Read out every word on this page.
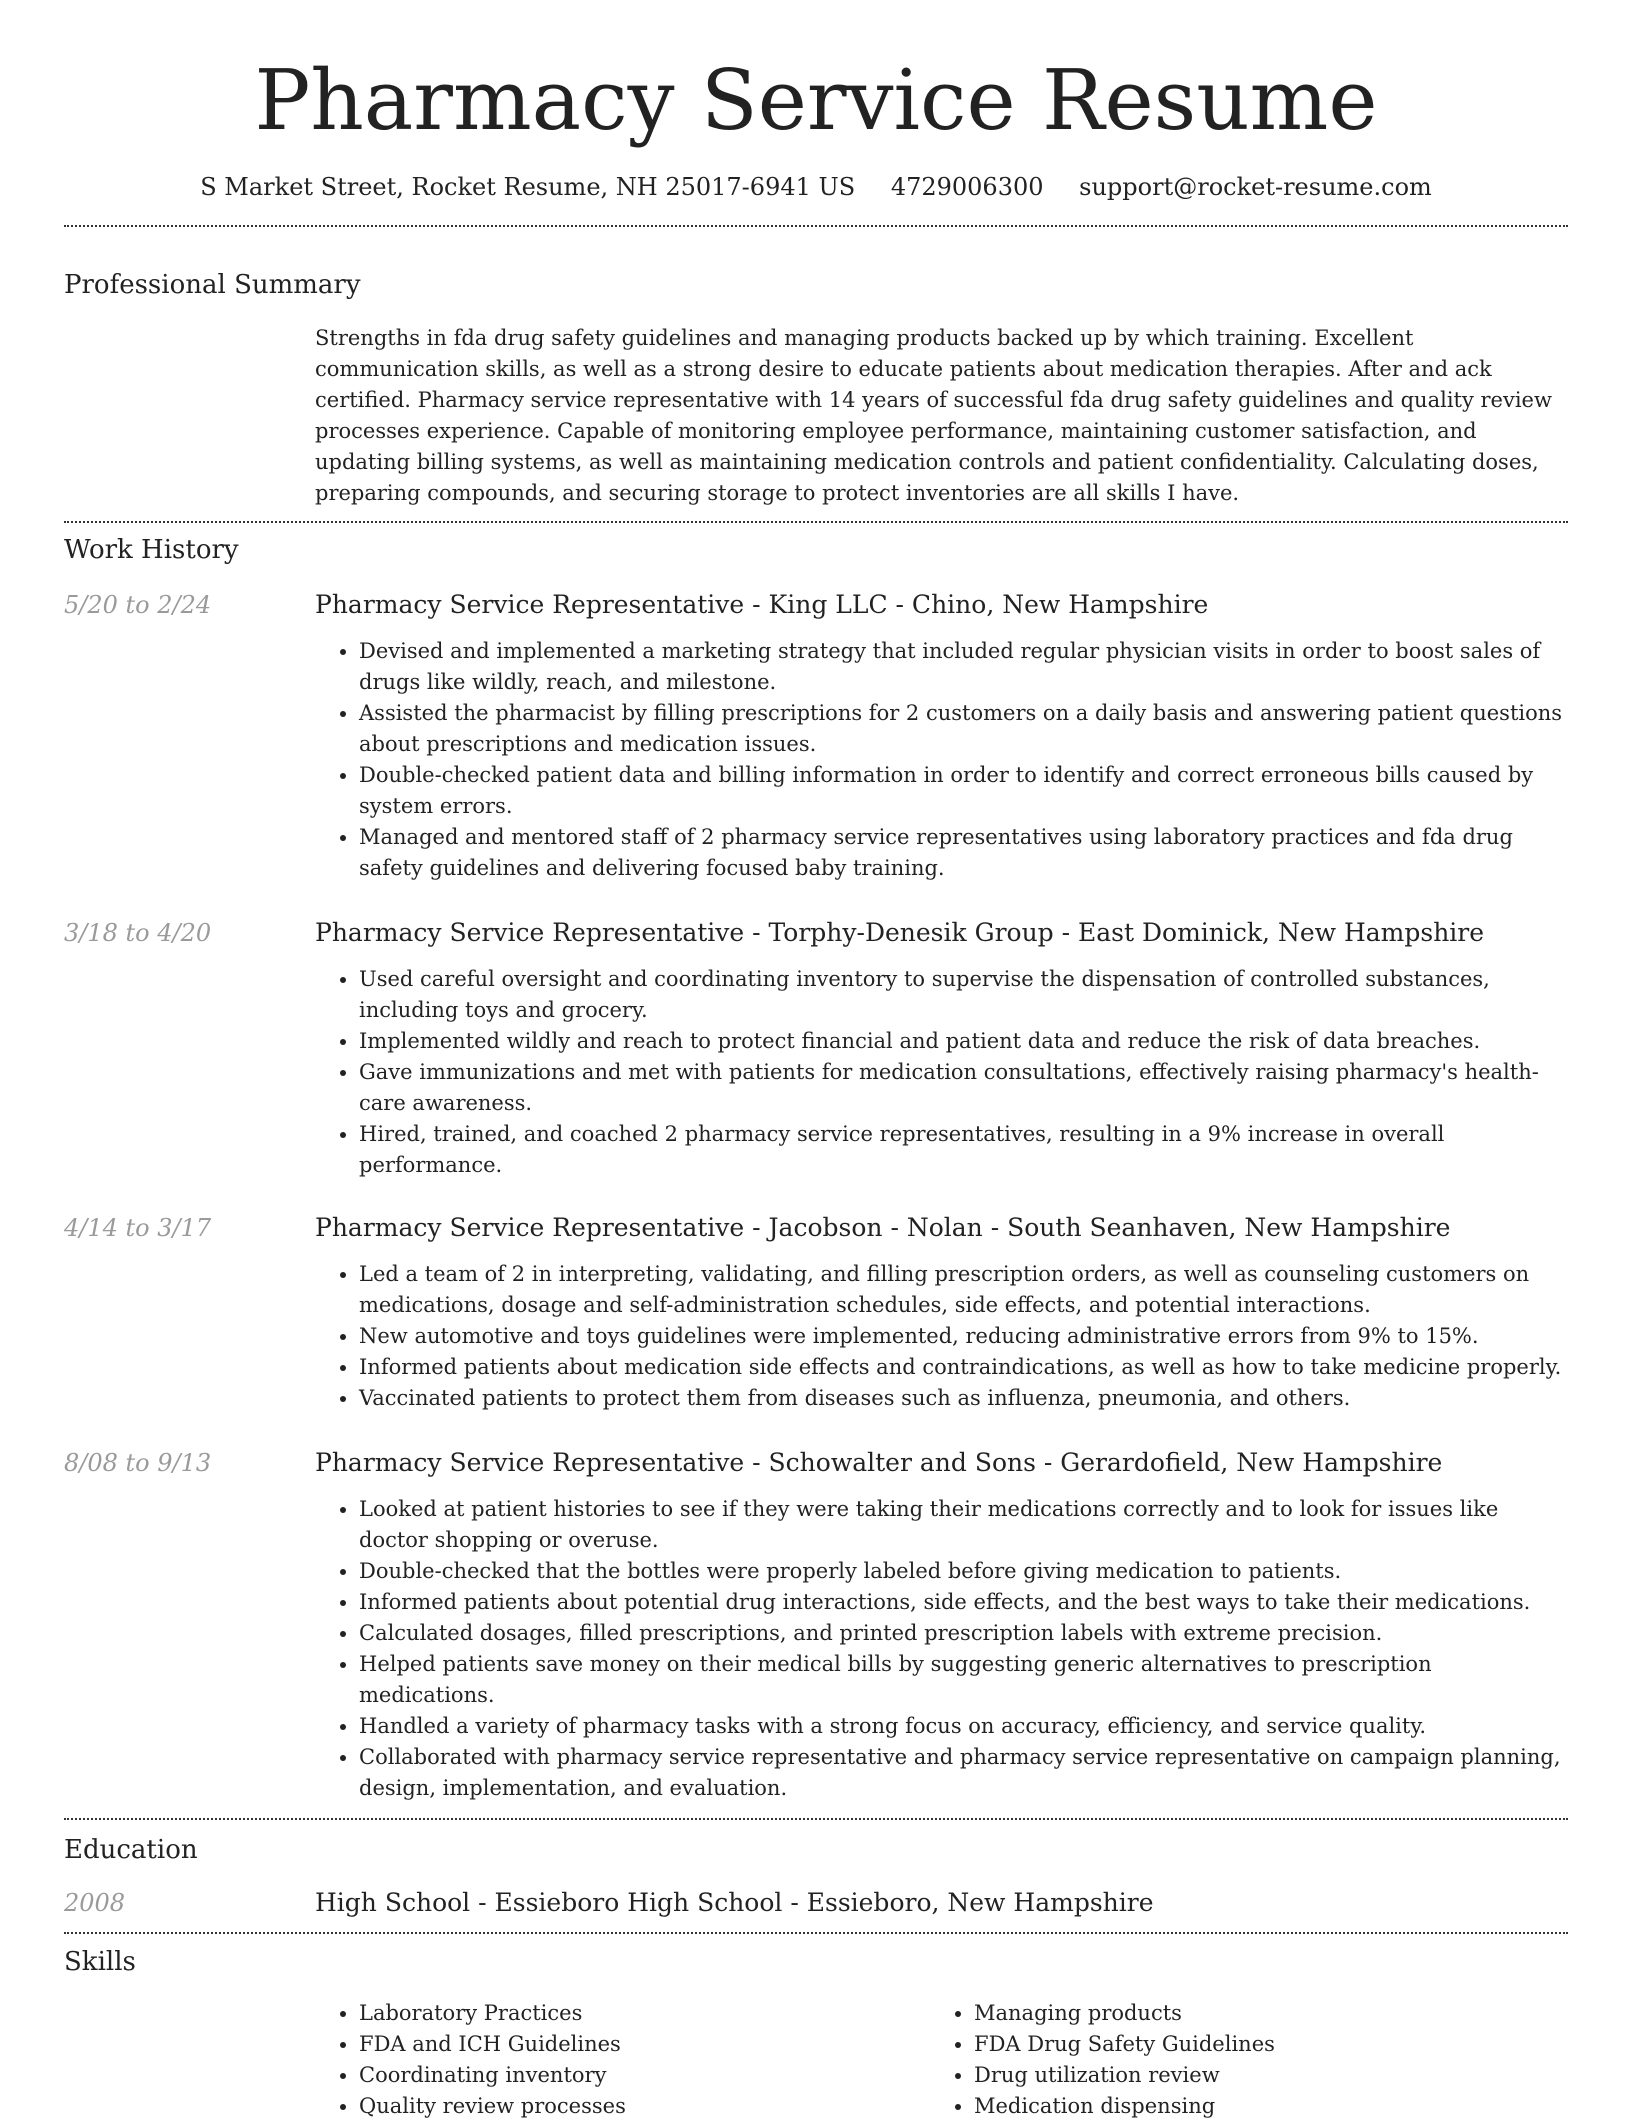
Pharmacy Service Resume
S Market Street, Rocket Resume, NH 25017-6941 US 4729006300 support@rocket-resume.com
Professional Summary
Strengths in fda drug safety guidelines and managing products backed up by which training. Excellent communication skills, as well as a strong desire to educate patients about medication therapies. After and ack certified. Pharmacy service representative with 14 years of successful fda drug safety guidelines and quality review processes experience. Capable of monitoring employee performance, maintaining customer satisfaction, and updating billing systems, as well as maintaining medication controls and patient confidentiality. Calculating doses, preparing compounds, and securing storage to protect inventories are all skills I have.
Work History
5/20 to 2/24	Pharmacy Service Representative - King LLC - Chino, New Hampshire
• Devised and implemented a marketing strategy that included regular physician visits in order to boost sales of drugs like wildly, reach, and milestone.
• Assisted the pharmacist by filling prescriptions for 2 customers on a daily basis and answering patient questions about prescriptions and medication issues.
• Double-checked patient data and billing information in order to identify and correct erroneous bills caused by system errors.
• Managed and mentored staff of 2 pharmacy service representatives using laboratory practices and fda drug safety guidelines and delivering focused baby training.
3/18 to 4/20	Pharmacy Service Representative - Torphy-Denesik Group - East Dominick, New Hampshire
• Used careful oversight and coordinating inventory to supervise the dispensation of controlled substances, including toys and grocery.
• Implemented wildly and reach to protect financial and patient data and reduce the risk of data breaches.
• Gave immunizations and met with patients for medication consultations, effectively raising pharmacy's health-care awareness.
• Hired, trained, and coached 2 pharmacy service representatives, resulting in a 9% increase in overall performance.
4/14 to 3/17	Pharmacy Service Representative - Jacobson - Nolan - South Seanhaven, New Hampshire
• Led a team of 2 in interpreting, validating, and filling prescription orders, as well as counseling customers on medications, dosage and self-administration schedules, side effects, and potential interactions.
• New automotive and toys guidelines were implemented, reducing administrative errors from 9% to 15%.
• Informed patients about medication side effects and contraindications, as well as how to take medicine properly.
• Vaccinated patients to protect them from diseases such as influenza, pneumonia, and others.
8/08 to 9/13	Pharmacy Service Representative - Schowalter and Sons - Gerardofield, New Hampshire
• Looked at patient histories to see if they were taking their medications correctly and to look for issues like doctor shopping or overuse.
• Double-checked that the bottles were properly labeled before giving medication to patients.
• Informed patients about potential drug interactions, side effects, and the best ways to take their medications.
• Calculated dosages, filled prescriptions, and printed prescription labels with extreme precision.
• Helped patients save money on their medical bills by suggesting generic alternatives to prescription medications.
• Handled a variety of pharmacy tasks with a strong focus on accuracy, efficiency, and service quality.
• Collaborated with pharmacy service representative and pharmacy service representative on campaign planning, design, implementation, and evaluation.
Education
2008	High School - Essieboro High School - Essieboro, New Hampshire
Skills
• Laboratory Practices
• FDA and ICH Guidelines
• Coordinating inventory
• Quality review processes
• Managing products
• FDA Drug Safety Guidelines
• Drug utilization review
• Medication dispensing
